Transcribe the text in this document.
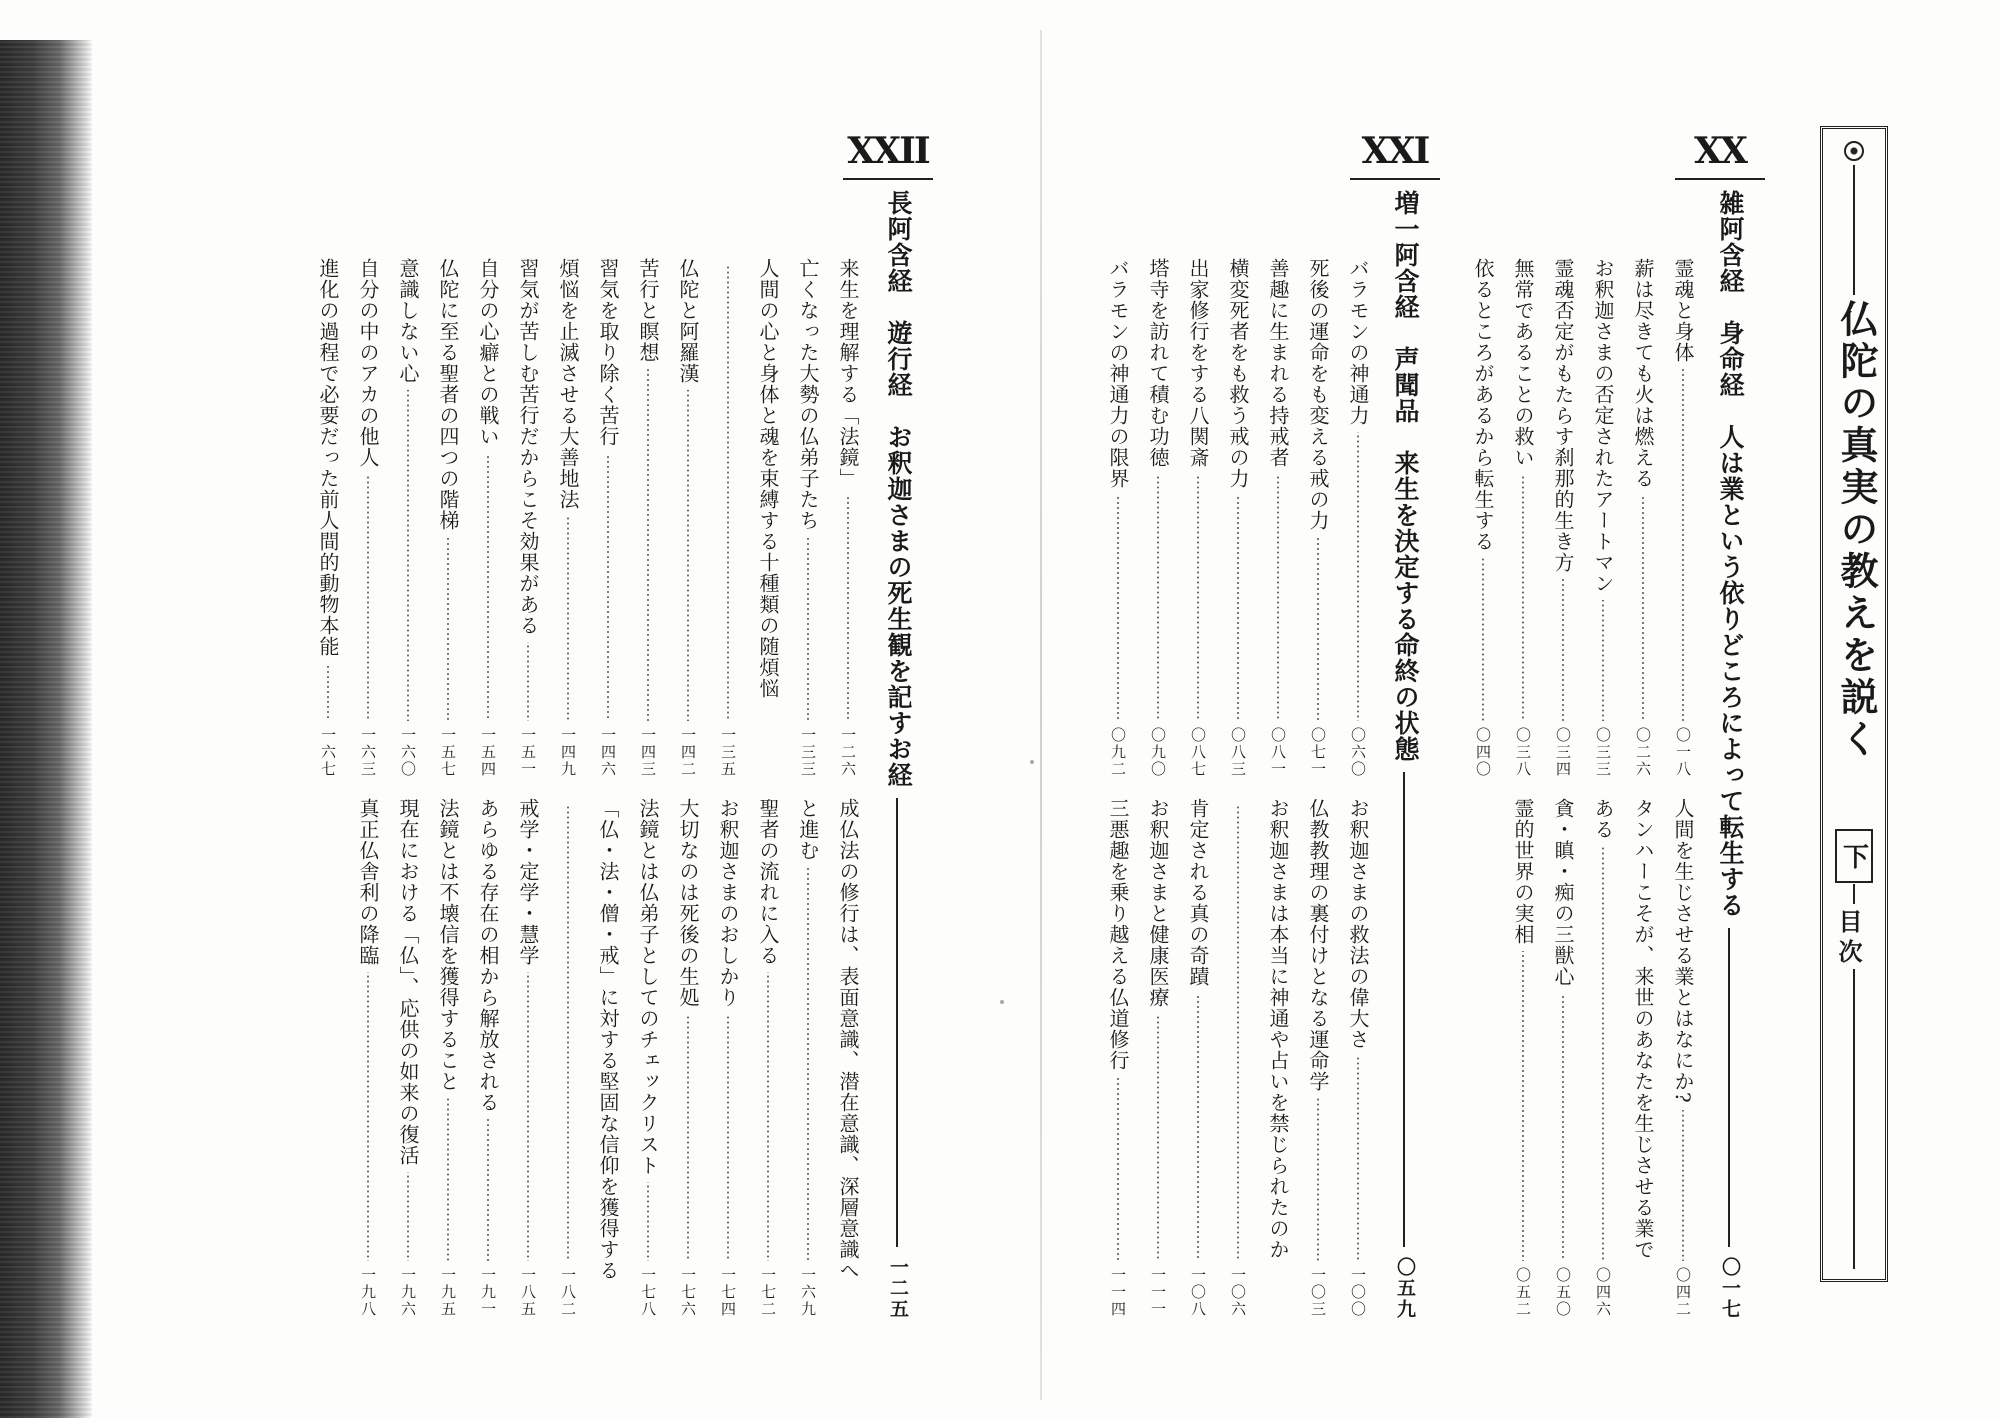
仏陀の真実の教えを説く
下
目次
XX
雑阿含経　身命経　人は業という依りどころによって転生する
〇一七
霊魂と身体
〇一八
人間を生じさせる業とはなにか?
〇四二
薪は尽きても火は燃える
〇二六
タンハーこそが、来世のあなたを生じさせる業で
お釈迦さまの否定されたアートマン
〇三三
ある
〇四六
霊魂否定がもたらす刹那的生き方
〇三四
貪・瞋・痴の三獣心
〇五〇
無常であることの救い
〇三八
霊的世界の実相
〇五二
依るところがあるから転生する
〇四〇
XXI
増一阿含経　声聞品　来生を決定する命終の状態
〇五九
バラモンの神通力
〇六〇
お釈迦さまの救法の偉大さ
一〇〇
死後の運命をも変える戒の力
〇七一
仏教教理の裏付けとなる運命学
一〇三
善趣に生まれる持戒者
〇八一
お釈迦さまは本当に神通や占いを禁じられたのか
横変死者をも救う戒の力
〇八三
一〇六
出家修行をする八関斎
〇八七
肯定される真の奇蹟
一〇八
塔寺を訪れて積む功徳
〇九〇
お釈迦さまと健康医療
一一一
バラモンの神通力の限界
〇九二
三悪趣を乗り越える仏道修行
一一四
XXII
長阿含経　遊行経　お釈迦さまの死生観を記すお経
一二五
来生を理解する「法鏡」
一二六
成仏法の修行は、表面意識、潜在意識、深層意識へ
亡くなった大勢の仏弟子たち
一三三
と進む
一六九
人間の心と身体と魂を束縛する十種類の随煩悩
聖者の流れに入る
一七二
一三五
お釈迦さまのおしかり
一七四
仏陀と阿羅漢
一四二
大切なのは死後の生処
一七六
苦行と瞑想
一四三
法鏡とは仏弟子としてのチェックリスト
一七八
習気を取り除く苦行
一四六
「仏・法・僧・戒」に対する堅固な信仰を獲得する
煩悩を止滅させる大善地法
一四九
一八二
習気が苦しむ苦行だからこそ効果がある
一五一
戒学・定学・慧学
一八五
自分の心癖との戦い
一五四
あらゆる存在の相から解放される
一九一
仏陀に至る聖者の四つの階梯
一五七
法鏡とは不壊信を獲得すること
一九五
意識しない心
一六〇
現在における「仏」、応供の如来の復活
一九六
自分の中のアカの他人
一六三
真正仏舎利の降臨
一九八
進化の過程で必要だった前人間的動物本能
一六七
